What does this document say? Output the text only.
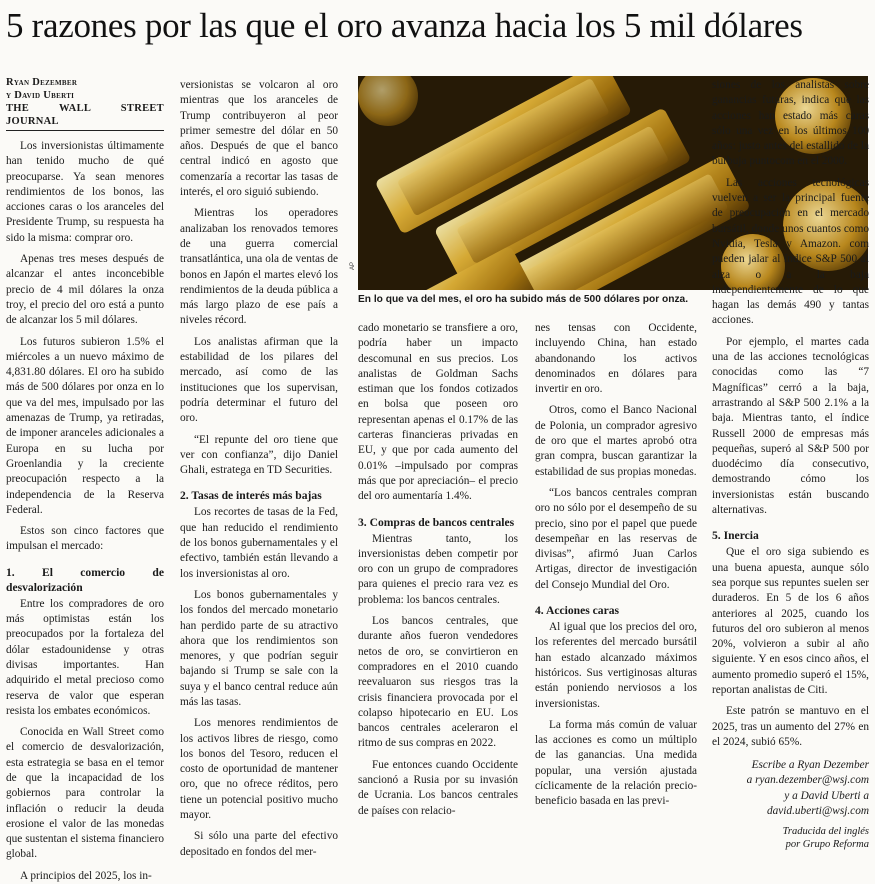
5 razones por las que el oro avanza hacia los 5 mil dólares
Ryan Dezember
y David Uberti
THE WALL STREET JOURNAL

Los inversionistas últimamente han tenido mucho de qué preocuparse. Ya sean menores rendimientos de los bonos, las acciones caras o los aranceles del Presidente Trump, su respuesta ha sido la misma: comprar oro.

Apenas tres meses después de alcanzar el antes inconcebible precio de 4 mil dólares la onza troy, el precio del oro está a punto de alcanzar los 5 mil dólares.

Los futuros subieron 1.5% el miércoles a un nuevo máximo de 4,831.80 dólares. El oro ha subido más de 500 dólares por onza en lo que va del mes, impulsado por las amenazas de Trump, ya retiradas, de imponer aranceles adicionales a Europa en su lucha por Groenlandia y la creciente preocupación respecto a la independencia de la Reserva Federal.

Estos son cinco factores que impulsan el mercado:

1. El comercio de desvalorización

Entre los compradores de oro más optimistas están los preocupados por la fortaleza del dólar estadounidense y otras divisas importantes. Han adquirido el metal precioso como reserva de valor que esperan resista los embates económicos.

Conocida en Wall Street como el comercio de desvalorización, esta estrategia se basa en el temor de que la incapacidad de los gobiernos para controlar la inflación o reducir la deuda erosione el valor de las monedas que sustentan el sistema financiero global.

A principios del 2025, los in-

versionistas se volcaron al oro mientras que los aranceles de Trump contribuyeron al peor primer semestre del dólar en 50 años. Después de que el banco central indicó en agosto que comenzaría a recortar las tasas de interés, el oro siguió subiendo.

Mientras los operadores analizaban los renovados temores de una guerra comercial transatlántica, una ola de ventas de bonos en Japón el martes elevó los rendimientos de la deuda pública a más largo plazo de ese país a niveles récord.

Los analistas afirman que la estabilidad de los pilares del mercado, así como de las instituciones que los supervisan, podría determinar el futuro del oro.

“El repunte del oro tiene que ver con confianza”, dijo Daniel Ghali, estratega en TD Securities.

2. Tasas de interés más bajas

Los recortes de tasas de la Fed, que han reducido el rendimiento de los bonos gubernamentales y el efectivo, también están llevando a los inversionistas al oro.

Los bonos gubernamentales y los fondos del mercado monetario han perdido parte de su atractivo ahora que los rendimientos son menores, y que podrían seguir bajando si Trump se sale con la suya y el banco central reduce aún más las tasas.

Los menores rendimientos de los activos libres de riesgo, como los bonos del Tesoro, reducen el costo de oportunidad de mantener oro, que no ofrece réditos, pero tiene un potencial positivo mucho mayor.

Si sólo una parte del efectivo depositado en fondos del mer-

AP
En lo que va del mes, el oro ha subido más de 500 dólares por onza.

cado monetario se transfiere a oro, podría haber un impacto descomunal en sus precios. Los analistas de Goldman Sachs estiman que los fondos cotizados en bolsa que poseen oro representan apenas el 0.17% de las carteras financieras privadas en EU, y que por cada aumento del 0.01% –impulsado por compras más que por apreciación– el precio del oro aumentaría 1.4%.

3. Compras de bancos centrales

Mientras tanto, los inversionistas deben competir por oro con un grupo de compradores para quienes el precio rara vez es problema: los bancos centrales.

Los bancos centrales, que durante años fueron vendedores netos de oro, se convirtieron en compradores en el 2010 cuando reevaluaron sus riesgos tras la crisis financiera provocada por el colapso hipotecario en EU. Los bancos centrales aceleraron el ritmo de sus compras en 2022.

Fue entonces cuando Occidente sancionó a Rusia por su invasión de Ucrania. Los bancos centrales de países con relacio-

nes tensas con Occidente, incluyendo China, han estado abandonando los activos denominados en dólares para invertir en oro.

Otros, como el Banco Nacional de Polonia, un comprador agresivo de oro que el martes aprobó otra gran compra, buscan garantizar la estabilidad de sus propias monedas.

“Los bancos centrales compran oro no sólo por el desempeño de su precio, sino por el papel que puede desempeñar en las reservas de divisas”, afirmó Juan Carlos Artigas, director de investigación del Consejo Mundial del Oro.

4. Acciones caras

Al igual que los precios del oro, los referentes del mercado bursátil han estado alcanzado máximos históricos. Sus vertiginosas alturas están poniendo nerviosos a los inversionistas.

La forma más común de valuar las acciones es como un múltiplo de las ganancias. Una medida popular, una versión ajustada cíclicamente de la relación precio-beneficio basada en las previ-

siones de los analistas sobre ganancias futuras, indica que las acciones han estado más caras sólo una vez en los últimos 100 años: justo antes del estallido de la burbuja puntocom en el 2000.

Las acciones tecnológicas vuelven a ser la principal fuente de preocupación en el mercado bursátil, donde unos cuantos como Nvidia, Tesla y Amazon. com pueden jalar al índice S&P 500 al alza o a la baja independientemente de lo que hagan las demás 490 y tantas acciones.

Por ejemplo, el martes cada una de las acciones tecnológicas conocidas como las “7 Magníficas” cerró a la baja, arrastrando al S&P 500 2.1% a la baja. Mientras tanto, el índice Russell 2000 de empresas más pequeñas, superó al S&P 500 por duodécimo día consecutivo, demostrando cómo los inversionistas están buscando alternativas.

5. Inercia

Que el oro siga subiendo es una buena apuesta, aunque sólo sea porque sus repuntes suelen ser duraderos. En 5 de los 6 años anteriores al 2025, cuando los futuros del oro subieron al menos 20%, volvieron a subir al año siguiente. Y en esos cinco años, el aumento promedio superó el 15%, reportan analistas de Citi.

Este patrón se mantuvo en el 2025, tras un aumento del 27% en el 2024, subió 65%.

Escribe a Ryan Dezember

a ryan.dezember@wsj.com

y a David Uberti a david.uberti@wsj.com

Traducida del inglés
por Grupo Reforma
